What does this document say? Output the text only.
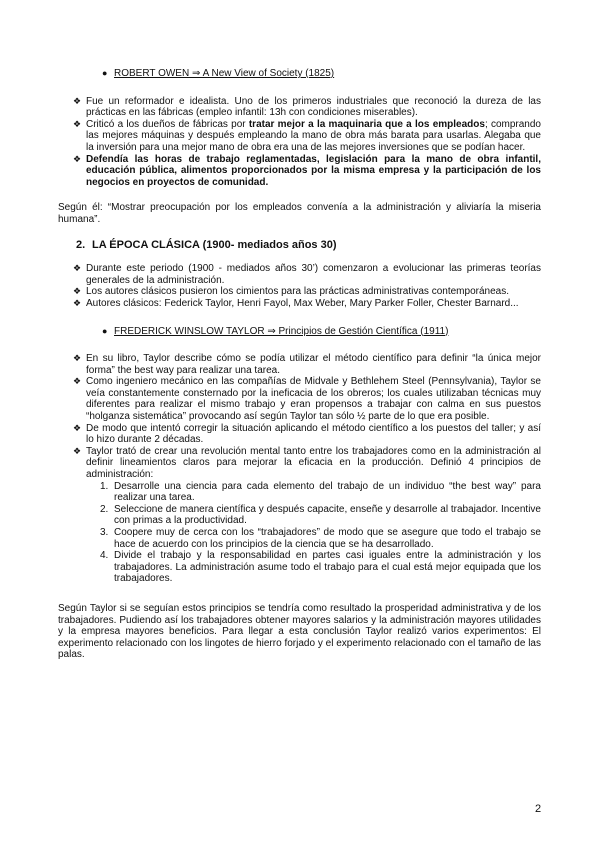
● ROBERT OWEN ⇒ A New View of Society (1825)

❖ Fue un reformador e idealista. Uno de los primeros industriales que reconoció la dureza de las prácticas en las fábricas (empleo infantil: 13h con condiciones miserables).
❖ Criticó a los dueños de fábricas por tratar mejor a la maquinaria que a los empleados; comprando las mejores máquinas y después empleando la mano de obra más barata para usarlas. Alegaba que la inversión para una mejor mano de obra era una de las mejores inversiones que se podían hacer.
❖ Defendía las horas de trabajo reglamentadas, legislación para la mano de obra infantil, educación pública, alimentos proporcionados por la misma empresa y la participación de los negocios en proyectos de comunidad.

Según él: “Mostrar preocupación por los empleados convenía a la administración y aliviaría la miseria humana”.

2. LA ÉPOCA CLÁSICA (1900- mediados años 30)

❖ Durante este periodo (1900 - mediados años 30’) comenzaron a evolucionar las primeras teorías generales de la administración.
❖ Los autores clásicos pusieron los cimientos para las prácticas administrativas contemporáneas.
❖ Autores clásicos: Federick Taylor, Henri Fayol, Max Weber, Mary Parker Foller, Chester Barnard...

● FREDERICK WINSLOW TAYLOR ⇒ Principios de Gestión Científica (1911)

❖ En su libro, Taylor describe cómo se podía utilizar el método científico para definir “la única mejor forma” the best way para realizar una tarea.
❖ Como ingeniero mecánico en las compañías de Midvale y Bethlehem Steel (Pennsylvania), Taylor se veía constantemente consternado por la ineficacia de los obreros; los cuales utilizaban técnicas muy diferentes para realizar el mismo trabajo y eran propensos a trabajar con calma en sus puestos “holganza sistemática” provocando así según Taylor tan sólo ½ parte de lo que era posible.
❖ De modo que intentó corregir la situación aplicando el método científico a los puestos del taller; y así lo hizo durante 2 décadas.
❖ Taylor trató de crear una revolución mental tanto entre los trabajadores como en la administración al definir lineamientos claros para mejorar la eficacia en la producción. Definió 4 principios de administración:
1. Desarrolle una ciencia para cada elemento del trabajo de un individuo “the best way” para realizar una tarea.
2. Seleccione de manera científica y después capacite, enseñe y desarrolle al trabajador. Incentive con primas a la productividad.
3. Coopere muy de cerca con los “trabajadores” de modo que se asegure que todo el trabajo se hace de acuerdo con los principios de la ciencia que se ha desarrollado.
4. Divide el trabajo y la responsabilidad en partes casi iguales entre la administración y los trabajadores. La administración asume todo el trabajo para el cual está mejor equipada que los trabajadores.

Según Taylor si se seguían estos principios se tendría como resultado la prosperidad administrativa y de los trabajadores. Pudiendo así los trabajadores obtener mayores salarios y la administración mayores utilidades y la empresa mayores beneficios. Para llegar a esta conclusión Taylor realizó varios experimentos: El experimento relacionado con los lingotes de hierro forjado y el experimento relacionado con el tamaño de las palas.

2
